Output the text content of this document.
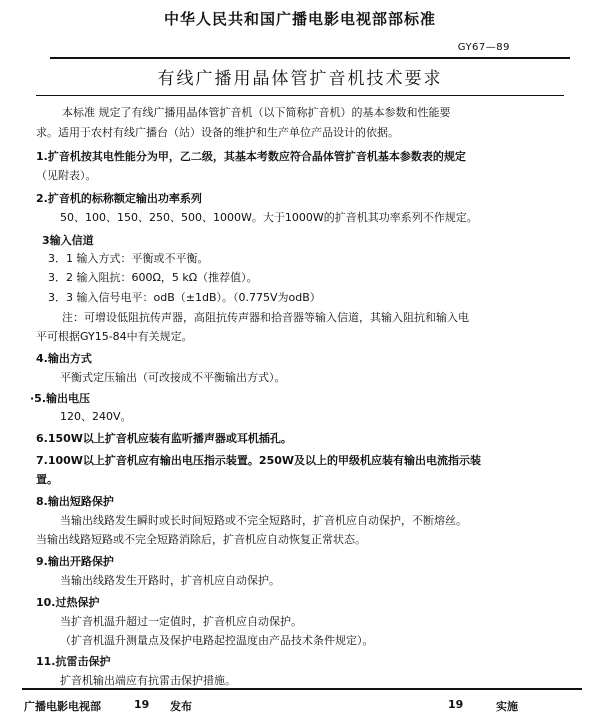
中华人民共和国广播电影电视部部标准
GY67—89
有线广播用晶体管扩音机技术要求
本标准 规定了有线广播用晶体管扩音机（以下简称扩音机）的基本参数和性能要
求。适用于农村有线广播台（站）设备的维护和生产单位产品设计的依据。
1.扩音机按其电性能分为甲，乙二级，其基本考数应符合晶体管扩音机基本参数表的规定
（见附表）。
2.扩音机的标称额定输出功率系列
50、100、150、250、500、1000W。大于1000W的扩音机其功率系列不作规定。
3输入信道
3．1 输入方式：平衡或不平衡。
3．2 输入阻抗：600Ω，5 kΩ（推荐值）。
3．3 输入信号电平：odB（±1dB）。（0.775V为odB）
注：可增设低阻抗传声器，高阻抗传声器和拾音器等输入信道，其输入阻抗和输入电
平可根据GY15-84中有关规定。
4.输出方式
平衡式定压输出（可改接成不平衡输出方式）。
·5.输出电压
120、240V。
6.150W以上扩音机应装有监听播声器或耳机插孔。
7.100W以上扩音机应有输出电压指示装置。250W及以上的甲级机应装有输出电流指示装
置。
8.输出短路保护
当输出线路发生瞬时或长时间短路或不完全短路时，扩音机应自动保护，不断熔丝。
当输出线路短路或不完全短路消除后，扩音机应自动恢复正常状态。
9.输出开路保护
当输出线路发生开路时，扩音机应自动保护。
10.过热保护
当扩音机温升超过一定值时，扩音机应自动保护。
（扩音机温升测量点及保护电路起控温度由产品技术条件规定）。
11.抗雷击保护
扩音机输出端应有抗雷击保护措施。
广播电影电视部	19 发布	19	实施
